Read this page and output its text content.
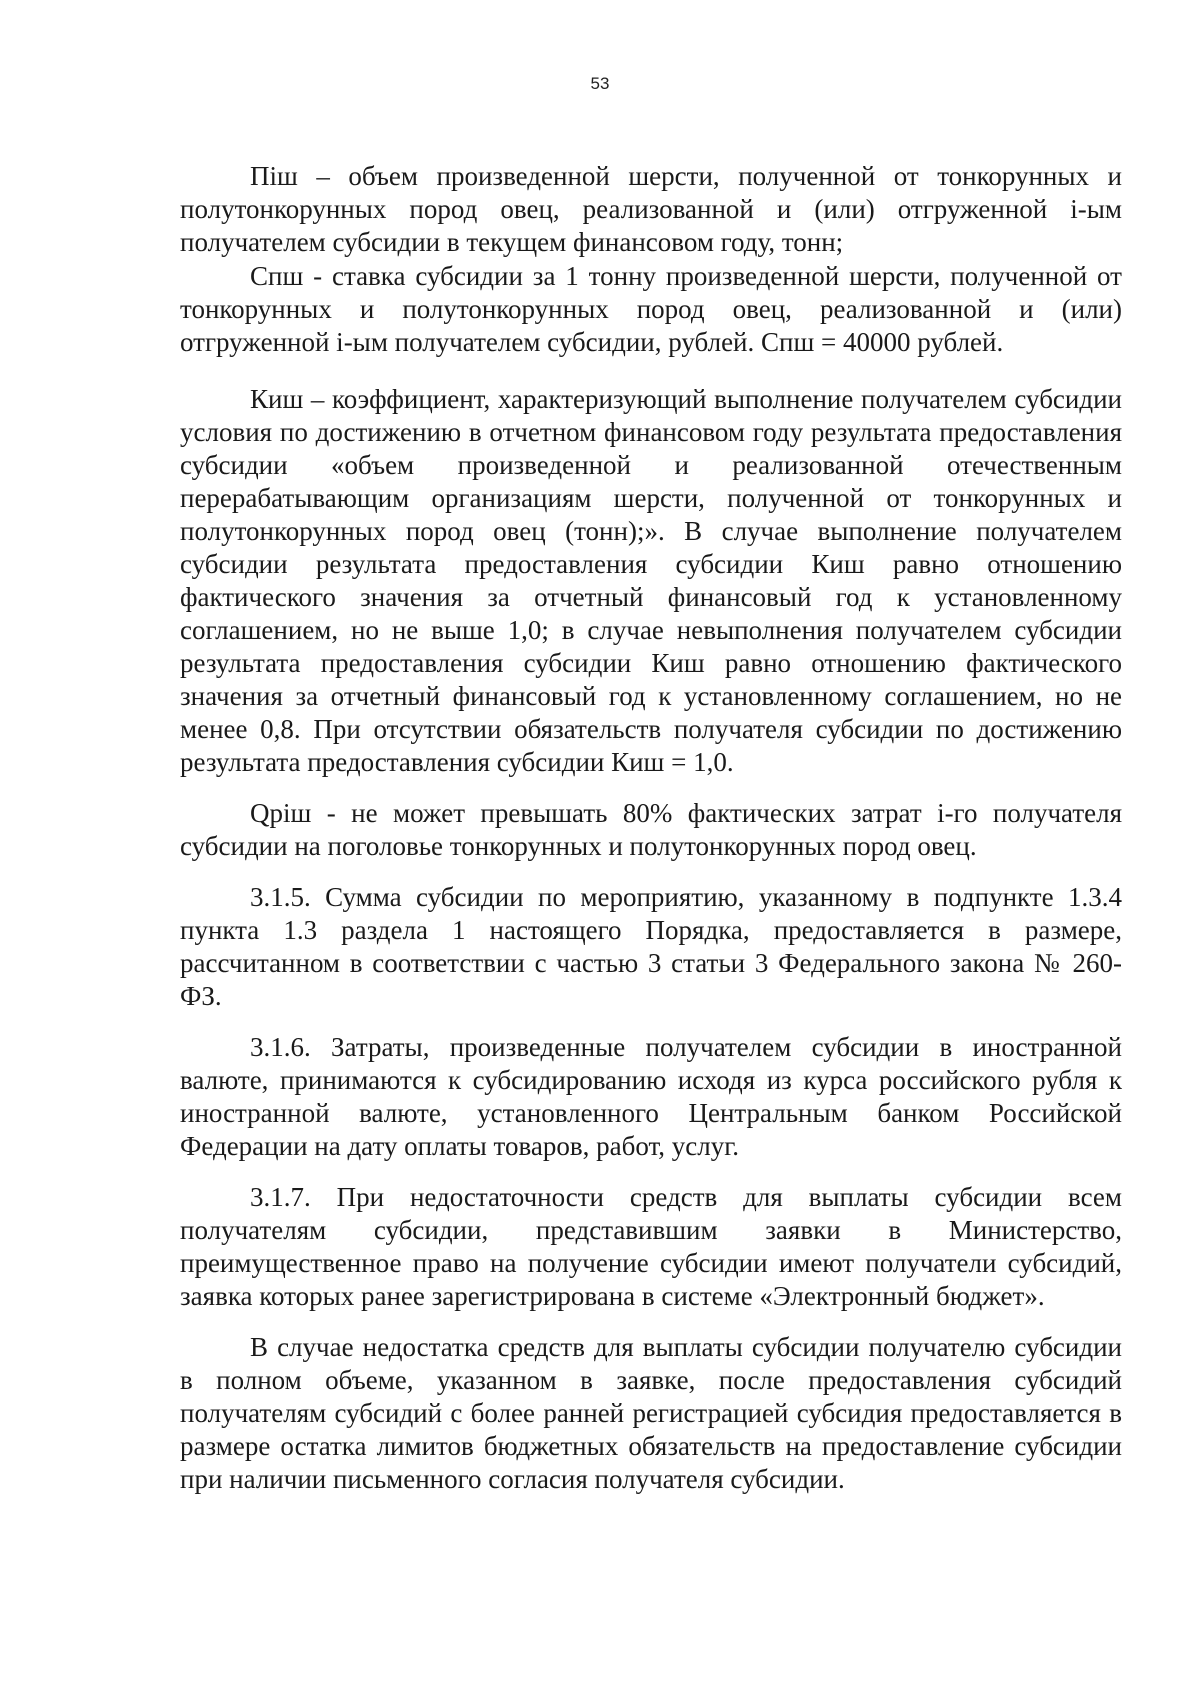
53

Піш – объем произведенной шерсти, полученной от тонкорунных и полутонкорунных пород овец, реализованной и (или) отгруженной і-ым получателем субсидии в текущем финансовом году, тонн;

Спш - ставка субсидии за 1 тонну произведенной шерсти, полученной от тонкорунных и полутонкорунных пород овец, реализованной и (или) отгруженной і-ым получателем субсидии, рублей. Спш = 40000 рублей.

Киш – коэффициент, характеризующий выполнение получателем субсидии условия по достижению в отчетном финансовом году результата предоставления субсидии «объем произведенной и реализованной отечественным перерабатывающим организациям шерсти, полученной от тонкорунных и полутонкорунных пород овец (тонн);». В случае выполнение получателем субсидии результата предоставления субсидии Киш равно отношению фактического значения за отчетный финансовый год к установленному соглашением, но не выше 1,0; в случае невыполнения получателем субсидии результата предоставления субсидии Киш равно отношению фактического значения за отчетный финансовый год к установленному соглашением, но не менее 0,8. При отсутствии обязательств получателя субсидии по достижению результата предоставления субсидии Киш = 1,0.

Qpiш - не может превышать 80% фактических затрат і-го получателя субсидии на поголовье тонкорунных и полутонкорунных пород овец.

3.1.5. Сумма субсидии по мероприятию, указанному в подпункте 1.3.4 пункта 1.3 раздела 1 настоящего Порядка, предоставляется в размере, рассчитанном в соответствии с частью 3 статьи 3 Федерального закона № 260-ФЗ.

3.1.6. Затраты, произведенные получателем субсидии в иностранной валюте, принимаются к субсидированию исходя из курса российского рубля к иностранной валюте, установленного Центральным банком Российской Федерации на дату оплаты товаров, работ, услуг.

3.1.7. При недостаточности средств для выплаты субсидии всем получателям субсидии, представившим заявки в Министерство, преимущественное право на получение субсидии имеют получатели субсидий, заявка которых ранее зарегистрирована в системе «Электронный бюджет».

В случае недостатка средств для выплаты субсидии получателю субсидии в полном объеме, указанном в заявке, после предоставления субсидий получателям субсидий с более ранней регистрацией субсидия предоставляется в размере остатка лимитов бюджетных обязательств на предоставление субсидии при наличии письменного согласия получателя субсидии.
